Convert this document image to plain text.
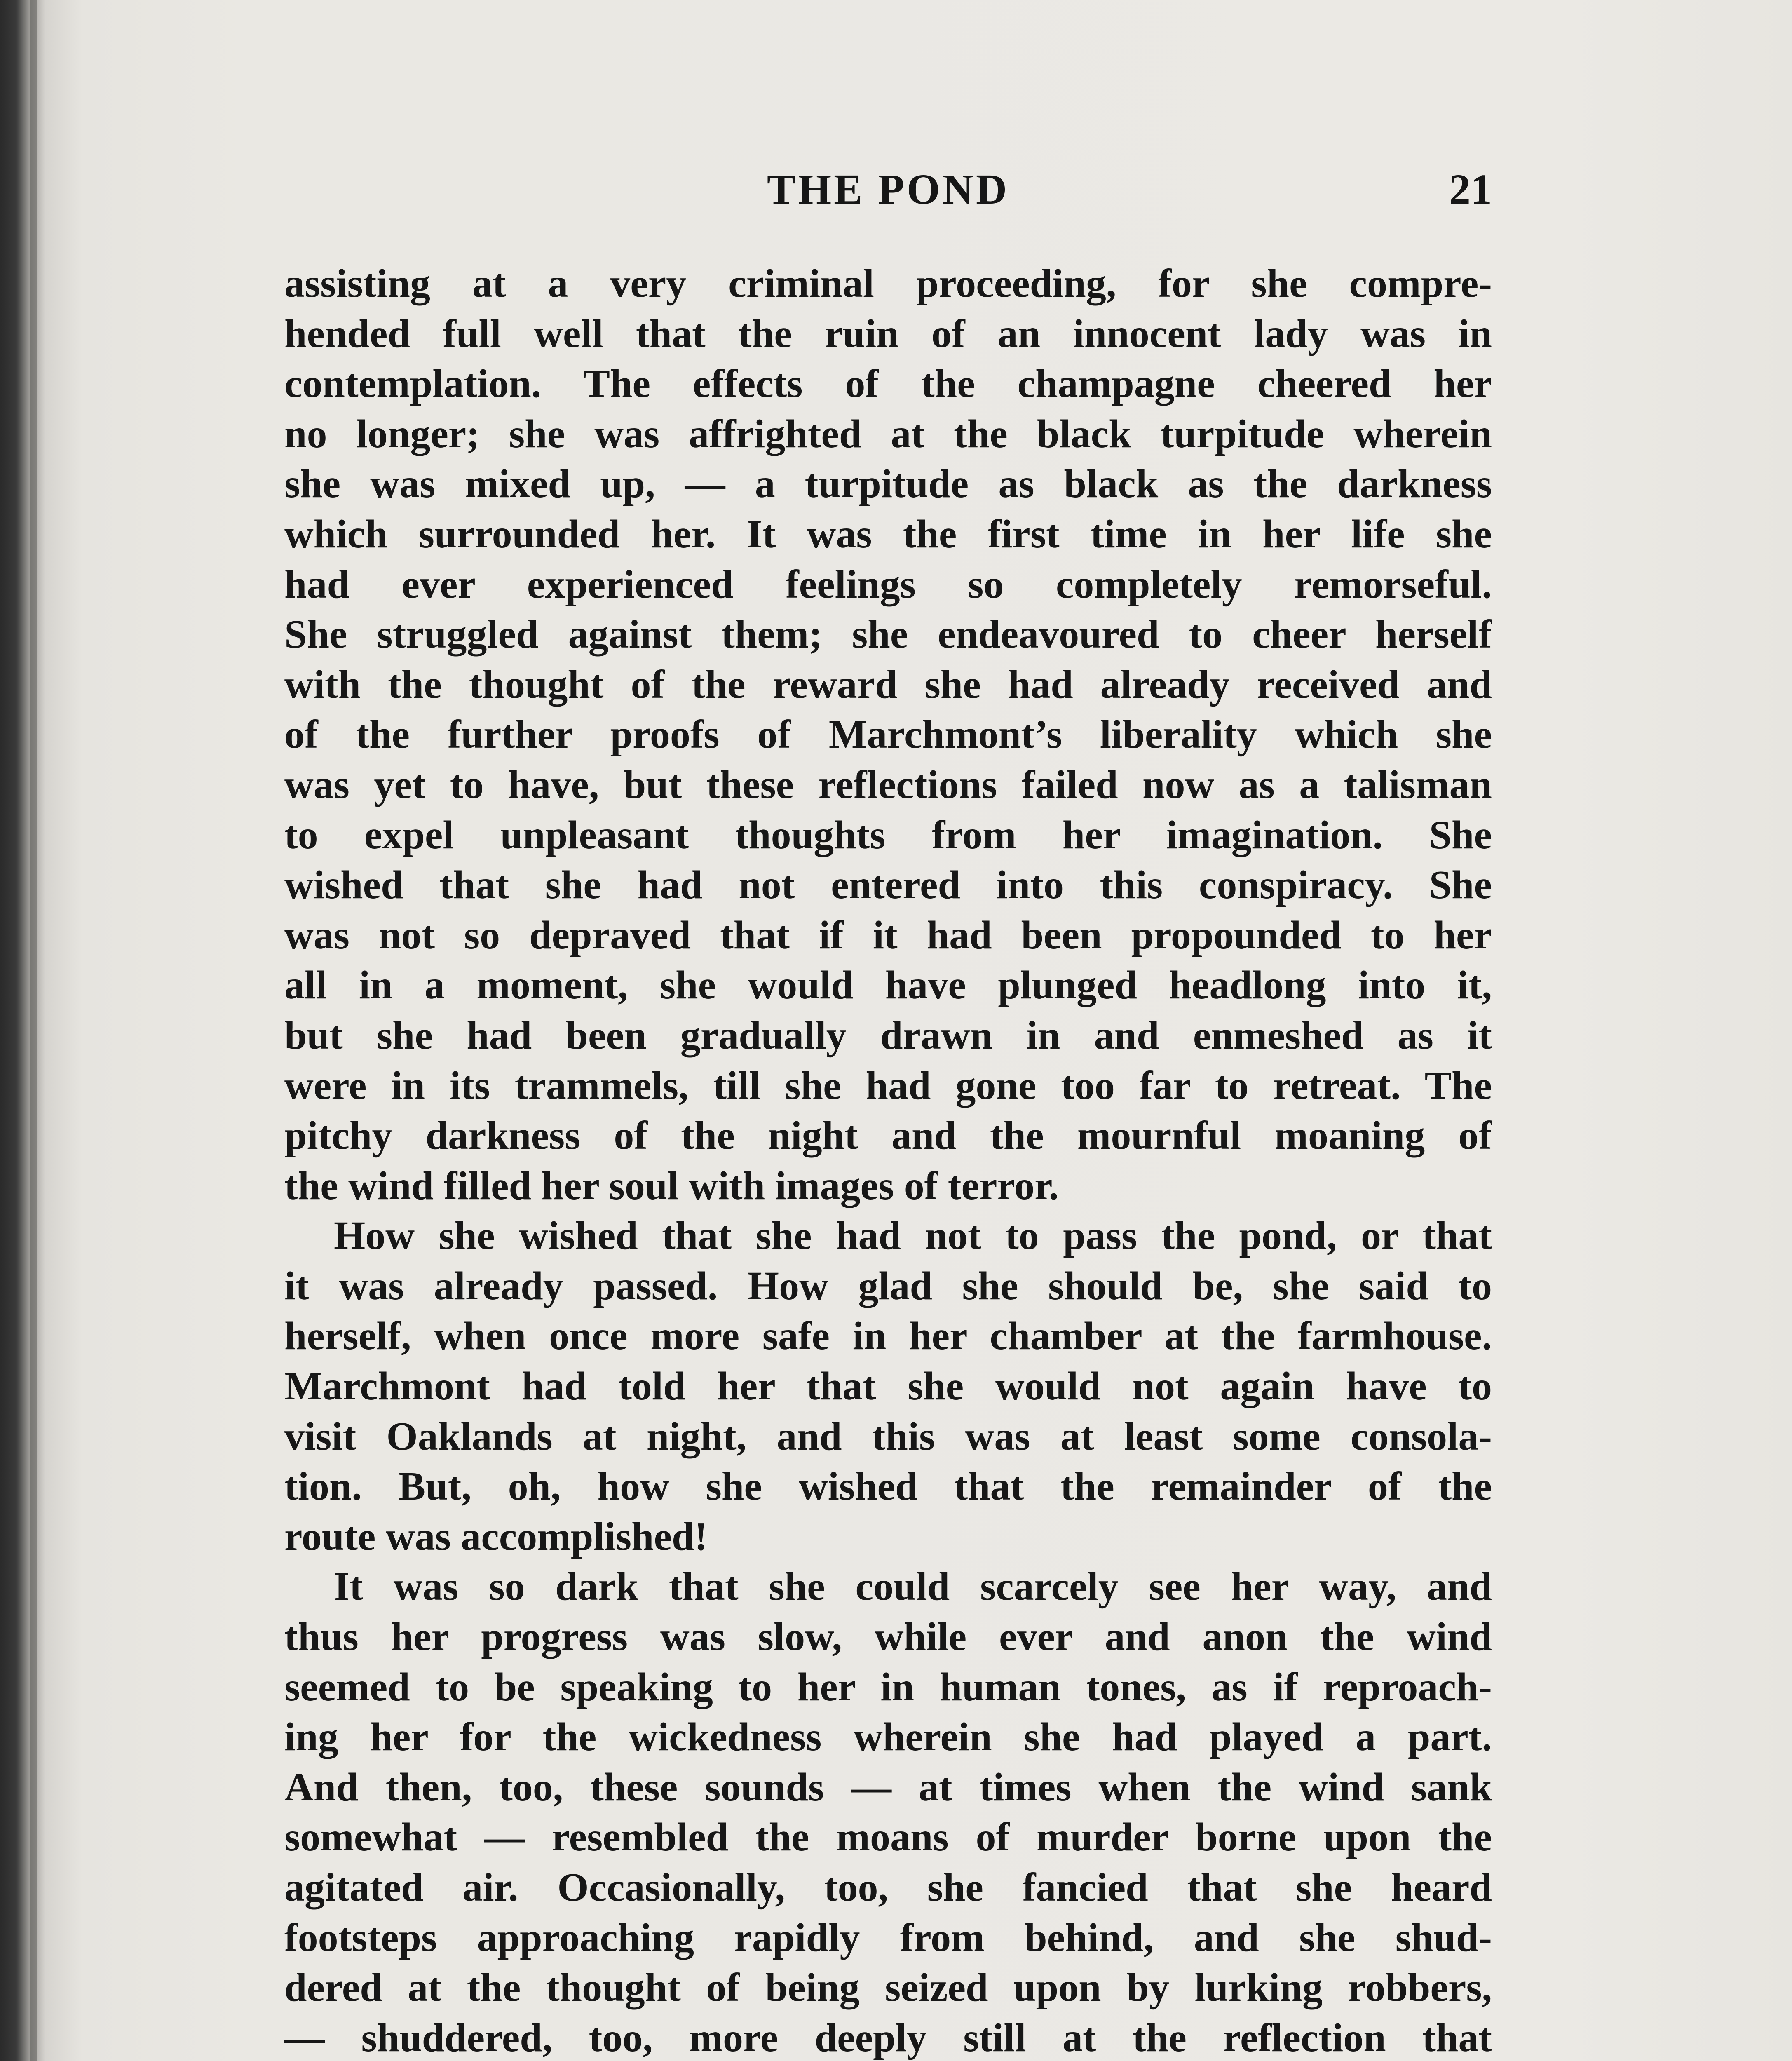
THE POND	21
assisting at a very criminal proceeding, for she compre-
hended full well that the ruin of an innocent lady was in
contemplation. The effects of the champagne cheered her
no longer; she was affrighted at the black turpitude wherein
she was mixed up, — a turpitude as black as the darkness
which surrounded her. It was the first time in her life she
had ever experienced feelings so completely remorseful.
She struggled against them; she endeavoured to cheer herself
with the thought of the reward she had already received and
of the further proofs of Marchmont’s liberality which she
was yet to have, but these reflections failed now as a talisman
to expel unpleasant thoughts from her imagination. She
wished that she had not entered into this conspiracy. She
was not so depraved that if it had been propounded to her
all in a moment, she would have plunged headlong into it,
but she had been gradually drawn in and enmeshed as it
were in its trammels, till she had gone too far to retreat. The
pitchy darkness of the night and the mournful moaning of
the wind filled her soul with images of terror.
How she wished that she had not to pass the pond, or that
it was already passed. How glad she should be, she said to
herself, when once more safe in her chamber at the farmhouse.
Marchmont had told her that she would not again have to
visit Oaklands at night, and this was at least some consola-
tion. But, oh, how she wished that the remainder of the
route was accomplished!
It was so dark that she could scarcely see her way, and
thus her progress was slow, while ever and anon the wind
seemed to be speaking to her in human tones, as if reproach-
ing her for the wickedness wherein she had played a part.
And then, too, these sounds — at times when the wind sank
somewhat — resembled the moans of murder borne upon the
agitated air. Occasionally, too, she fancied that she heard
footsteps approaching rapidly from behind, and she shud-
dered at the thought of being seized upon by lurking robbers,
— shuddered, too, more deeply still at the reflection that
